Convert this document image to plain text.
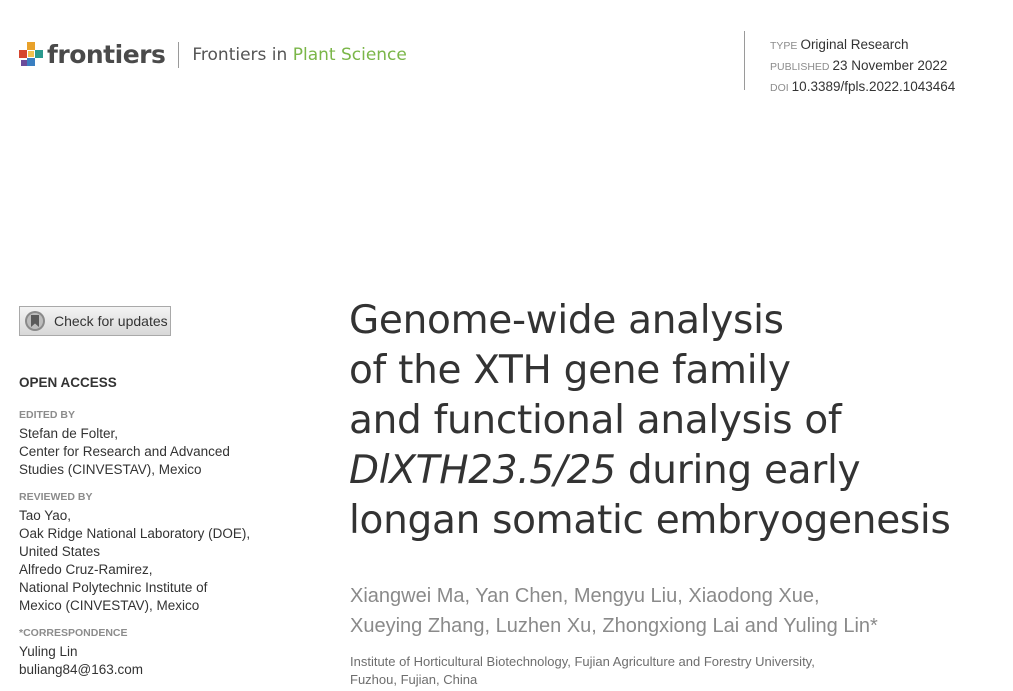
frontiers Frontiers in Plant Science	TYPE Original Research
PUBLISHED 23 November 2022
DOI 10.3389/fpls.2022.1043464
Check for updates
OPEN ACCESS
EDITED BY
Stefan de Folter,
Center for Research and Advanced
Studies (CINVESTAV), Mexico
REVIEWED BY
Tao Yao,
Oak Ridge National Laboratory (DOE),
United States
Alfredo Cruz-Ramirez,
National Polytechnic Institute of
Mexico (CINVESTAV), Mexico
*CORRESPONDENCE
Yuling Lin
buliang84@163.com
Genome-wide analysis
of the XTH gene family
and functional analysis of
DlXTH23.5/25 during early
longan somatic embryogenesis
Xiangwei Ma, Yan Chen, Mengyu Liu, Xiaodong Xue,
Xueying Zhang, Luzhen Xu, Zhongxiong Lai and Yuling Lin*
Institute of Horticultural Biotechnology, Fujian Agriculture and Forestry University,
Fuzhou, Fujian, China
